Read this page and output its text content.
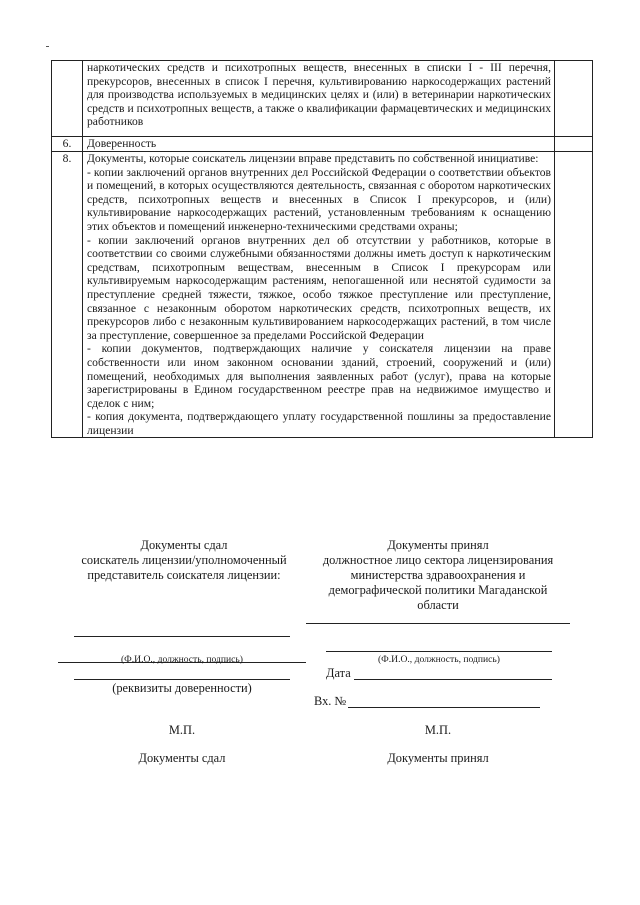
	наркотических средств и психотропных веществ, внесенных в списки I - III перечня, прекурсоров, внесенных в список I перечня, культивированию наркосодержащих растений для производства используемых в медицинских целях и (или) в ветеринарии наркотических средств и психотропных веществ, а также о квалификации фармацевтических и медицинских работников	

6.	Доверенность	

8.	Документы, которые соискатель лицензии вправе представить по собственной инициативе:
- копии заключений органов внутренних дел Российской Федерации о соответствии объектов и помещений, в которых осуществляются деятельность, связанная с оборотом наркотических средств, психотропных веществ и внесенных в Список I прекурсоров, и (или) культивирование наркосодержащих растений, установленным требованиям к оснащению этих объектов и помещений инженерно-техническими средствами охраны;
- копии заключений органов внутренних дел об отсутствии у работников, которые в соответствии со своими служебными обязанностями должны иметь доступ к наркотическим средствам, психотропным веществам, внесенным в Список I прекурсорам или культивируемым наркосодержащим растениям, непогашенной или неснятой судимости за преступление средней тяжести, тяжкое, особо тяжкое преступление или преступление, связанное с незаконным оборотом наркотических средств, психотропных веществ, их прекурсоров либо с незаконным культивированием наркосодержащих растений, в том числе за преступление, совершенное за пределами Российской Федерации
- копии документов, подтверждающих наличие у соискателя лицензии на праве собственности или ином законном основании зданий, строений, сооружений и (или) помещений, необходимых для выполнения заявленных работ (услуг), права на которые зарегистрированы в Едином государственном реестре прав на недвижимое имущество и сделок с ним;
- копия документа, подтверждающего уплату государственной пошлины за предоставление лицензии	

Документы сдал
соискатель лицензии/уполномоченный
представитель соискателя лицензии:
(Ф.И.О., должность, подпись)
(реквизиты доверенности)
М.П.
Документы сдал
Документы принял
должностное лицо сектора лицензирования
министерства здравоохранения и
демографической политики Магаданской
области
(Ф.И.О., должность, подпись)
Дата
Вх. №
М.П.
Документы принял
